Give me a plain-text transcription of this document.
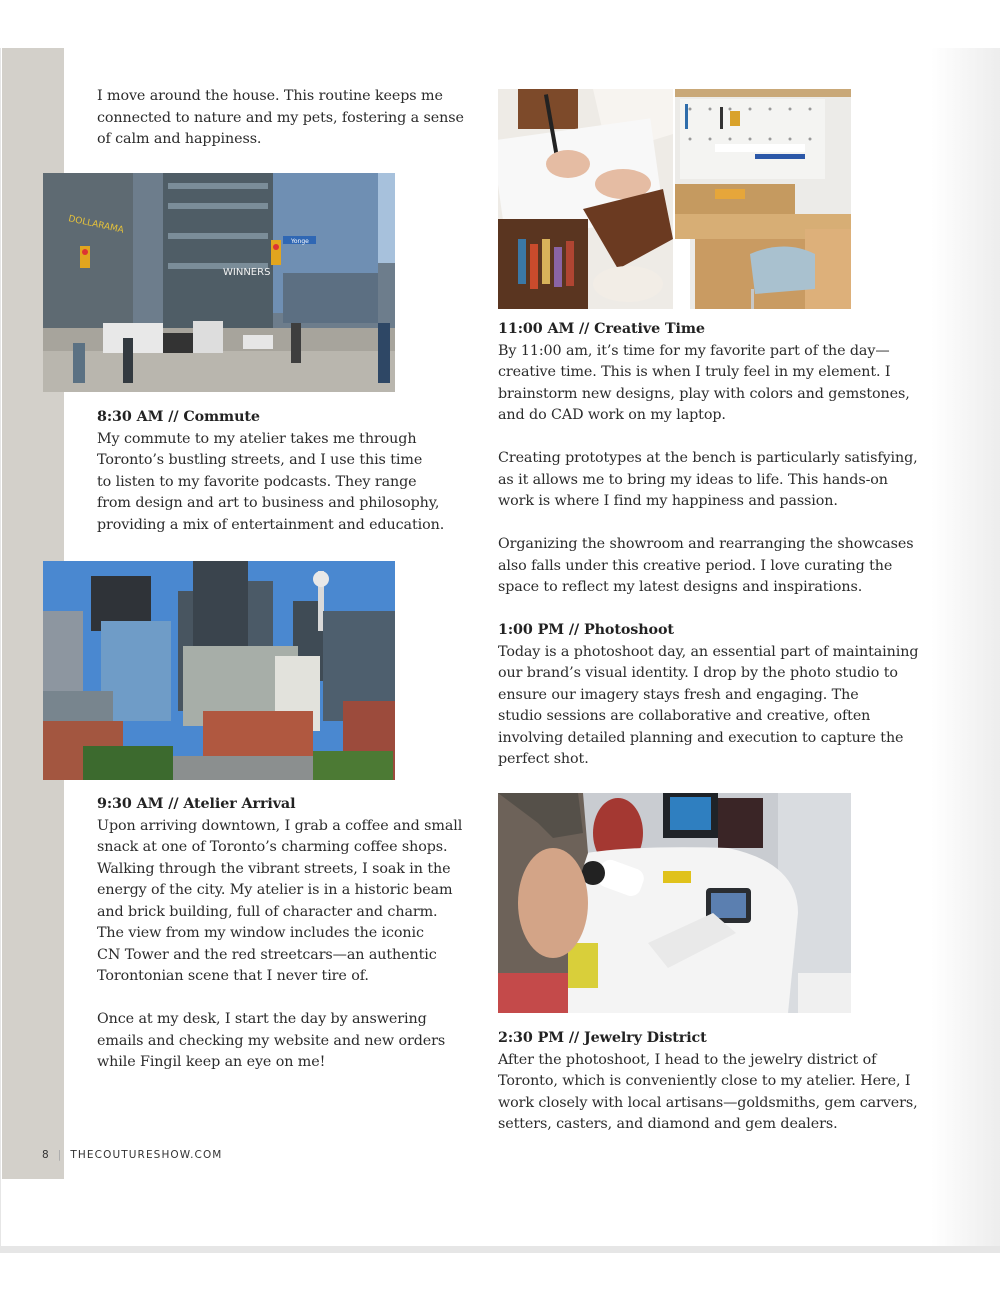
I move around the house. This routine keeps me

connected to nature and my pets, fostering a sense

of calm and happiness.

DOLLARAMA
WINNERS
Yonge

8:30 AM // Commute

My commute to my atelier takes me through

Toronto’s bustling streets, and I use this time

to listen to my favorite podcasts. They range

from design and art to business and philosophy,

providing a mix of entertainment and education.

9:30 AM // Atelier Arrival

Upon arriving downtown, I grab a coffee and small

snack at one of Toronto’s charming coffee shops.

Walking through the vibrant streets, I soak in the

energy of the city. My atelier is in a historic beam

and brick building, full of character and charm.

The view from my window includes the iconic

CN Tower and the red streetcars—an authentic

Torontonian scene that I never tire of.

Once at my desk, I start the day by answering

emails and checking my website and new orders

while Fingil keep an eye on me!

11:00 AM // Creative Time

By 11:00 am, it’s time for my favorite part of the day—

creative time. This is when I truly feel in my element. I

brainstorm new designs, play with colors and gemstones,

and do CAD work on my laptop.

Creating prototypes at the bench is particularly satisfying,

as it allows me to bring my ideas to life. This hands-on

work is where I find my happiness and passion.

Organizing the showroom and rearranging the showcases

also falls under this creative period. I love curating the

space to reflect my latest designs and inspirations.

1:00 PM // Photoshoot

Today is a photoshoot day, an essential part of maintaining

our brand’s visual identity. I drop by the photo studio to

ensure our imagery stays fresh and engaging. The

studio sessions are collaborative and creative, often

involving detailed planning and execution to capture the

perfect shot.

2:30 PM // Jewelry District

After the photoshoot, I head to the jewelry district of

Toronto, which is conveniently close to my atelier. Here, I

work closely with local artisans—goldsmiths, gem carvers,

setters, casters, and diamond and gem dealers.

8 | THECOUTURESHOW.COM
